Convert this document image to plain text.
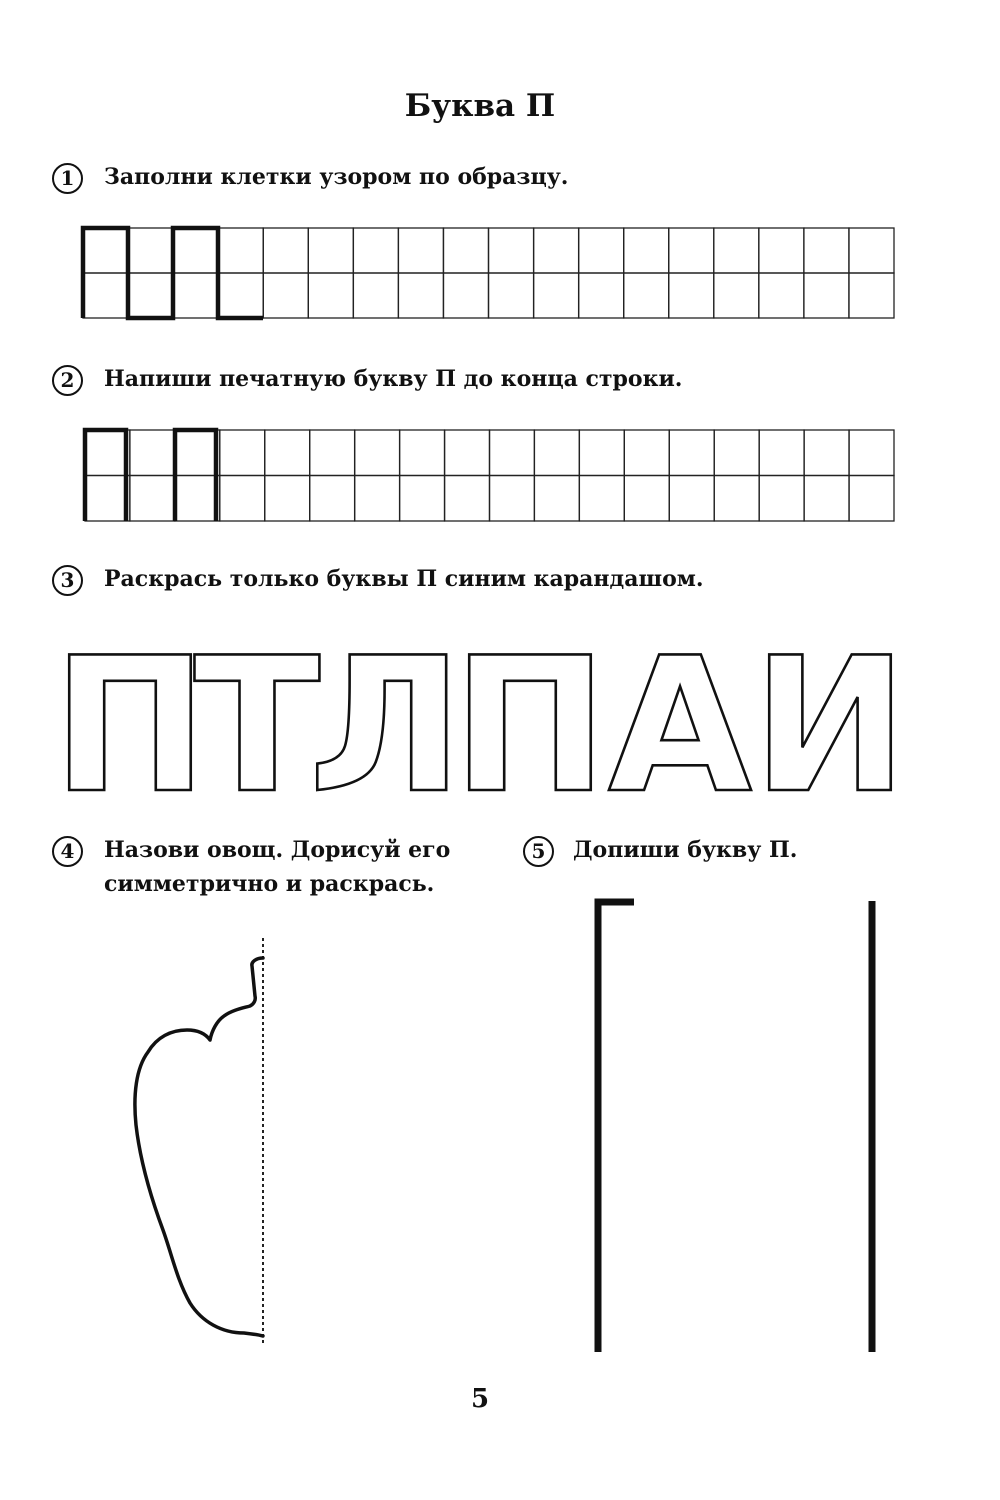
Буква П
1	Заполни клетки узором по образцу.
2	Напиши печатную букву П до конца строки.
3	Раскрась только буквы П синим карандашом.
4	Назови овощ. Дорисуй его
симметрично и раскрась.
5	Допиши букву П.
П
Т
Л
П А И
5
